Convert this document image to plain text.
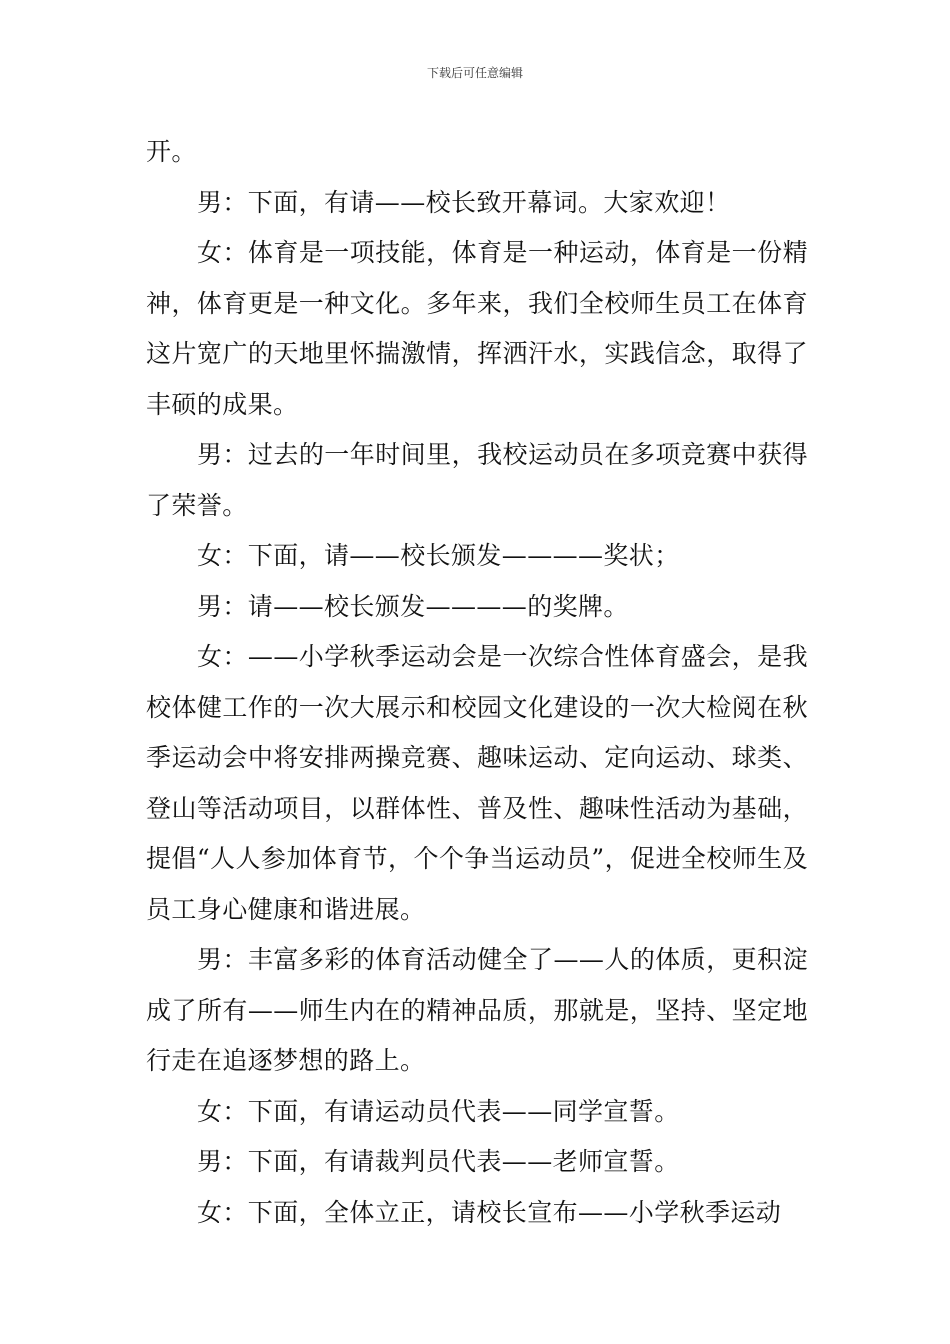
下载后可任意编辑

开。

男：下面，有请——校长致开幕词。大家欢迎！

女：体育是一项技能，体育是一种运动，体育是一份精神，体育更是一种文化。多年来，我们全校师生员工在体育这片宽广的天地里怀揣激情，挥洒汗水，实践信念，取得了丰硕的成果。

男：过去的一年时间里，我校运动员在多项竞赛中获得了荣誉。

女：下面，请——校长颁发————奖状；

男：请——校长颁发————的奖牌。

女：——小学秋季运动会是一次综合性体育盛会，是我校体健工作的一次大展示和校园文化建设的一次大检阅在秋季运动会中将安排两操竞赛、趣味运动、定向运动、球类、登山等活动项目，以群体性、普及性、趣味性活动为基础，提倡“人人参加体育节，个个争当运动员”，促进全校师生及员工身心健康和谐进展。

男：丰富多彩的体育活动健全了——人的体质，更积淀成了所有——师生内在的精神品质，那就是，坚持、坚定地行走在追逐梦想的路上。

女：下面，有请运动员代表——同学宣誓。

男：下面，有请裁判员代表——老师宣誓。

女：下面，全体立正，请校长宣布——小学秋季运动
